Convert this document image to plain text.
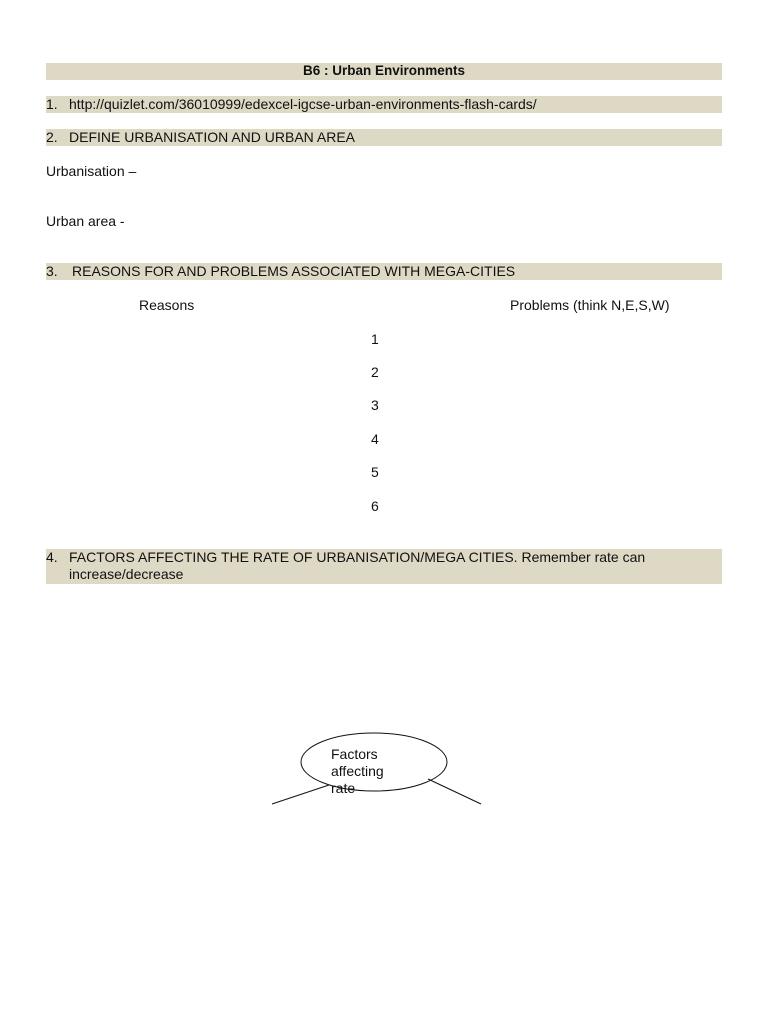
B6 : Urban Environments
1. http://quizlet.com/36010999/edexcel-igcse-urban-environments-flash-cards/
2. DEFINE URBANISATION AND URBAN AREA
Urbanisation –
Urban area -
3. REASONS FOR AND PROBLEMS ASSOCIATED WITH MEGA-CITIES
Reasons	Problems (think N,E,S,W)
1
2
3
4
5
6
4. FACTORS AFFECTING THE RATE OF URBANISATION/MEGA CITIES. Remember rate can increase/decrease
Factors affecting rate
